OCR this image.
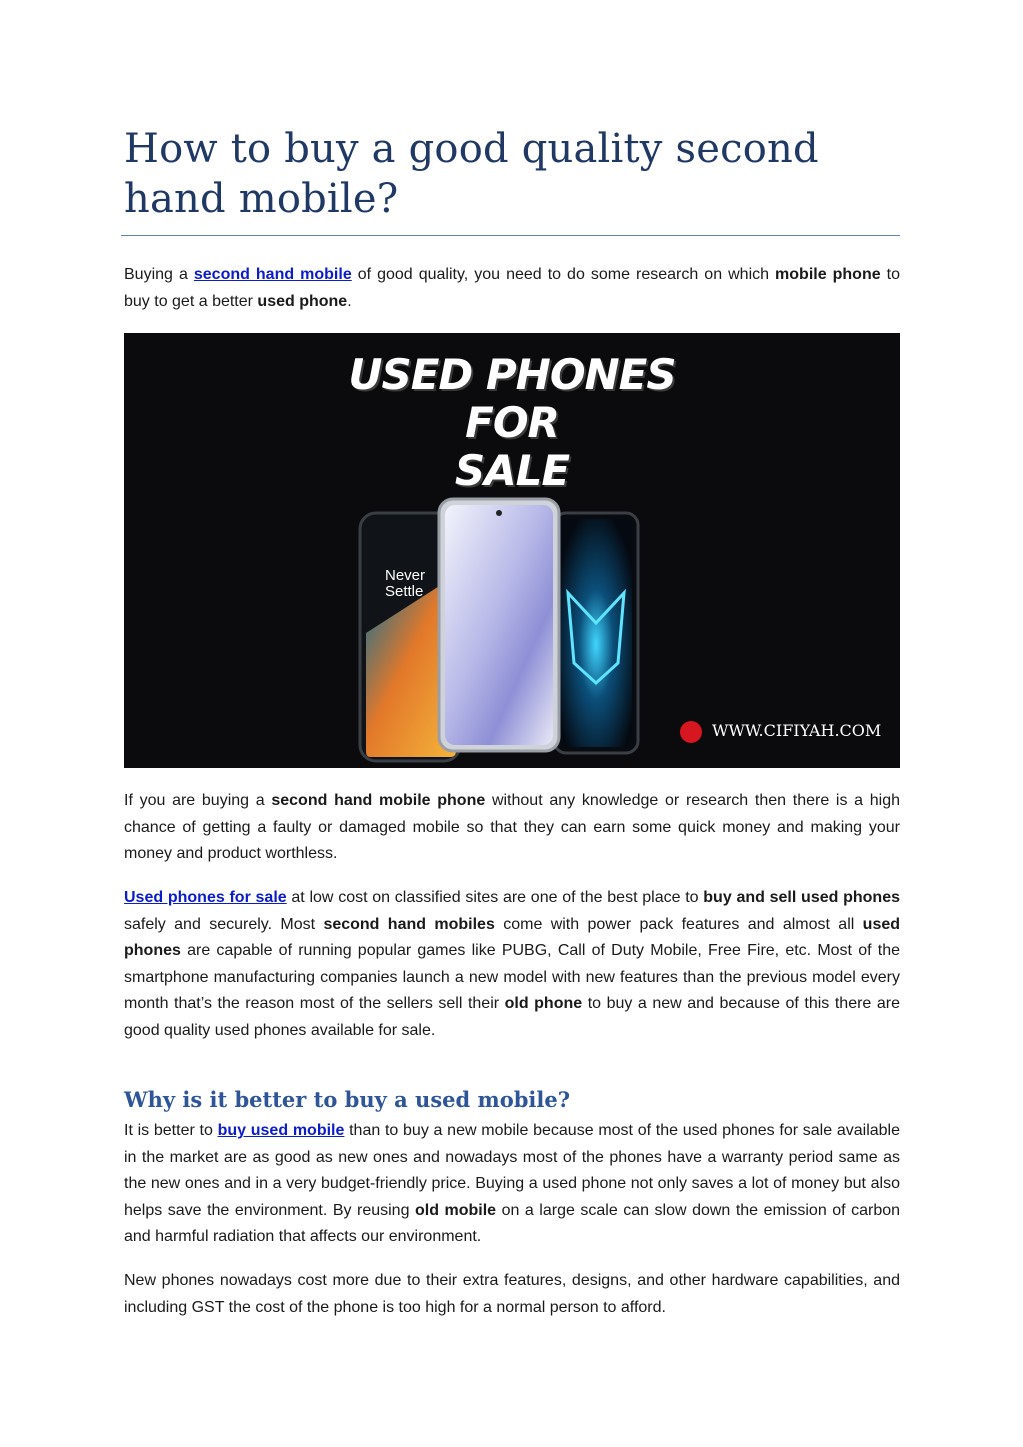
How to buy a good quality second hand mobile?

Buying a second hand mobile of good quality, you need to do some research on which mobile phone to buy to get a better used phone.

USED PHONES
FOR
SALE
Never Settle
WWW.CIFIYAH.COM

If you are buying a second hand mobile phone without any knowledge or research then there is a high chance of getting a faulty or damaged mobile so that they can earn some quick money and making your money and product worthless.

Used phones for sale at low cost on classified sites are one of the best place to buy and sell used phones safely and securely. Most second hand mobiles come with power pack features and almost all used phones are capable of running popular games like PUBG, Call of Duty Mobile, Free Fire, etc. Most of the smartphone manufacturing companies launch a new model with new features than the previous model every month that’s the reason most of the sellers sell their old phone to buy a new and because of this there are good quality used phones available for sale.

Why is it better to buy a used mobile?

It is better to buy used mobile than to buy a new mobile because most of the used phones for sale available in the market are as good as new ones and nowadays most of the phones have a warranty period same as the new ones and in a very budget-friendly price. Buying a used phone not only saves a lot of money but also helps save the environment. By reusing old mobile on a large scale can slow down the emission of carbon and harmful radiation that affects our environment.

New phones nowadays cost more due to their extra features, designs, and other hardware capabilities, and including GST the cost of the phone is too high for a normal person to afford.
